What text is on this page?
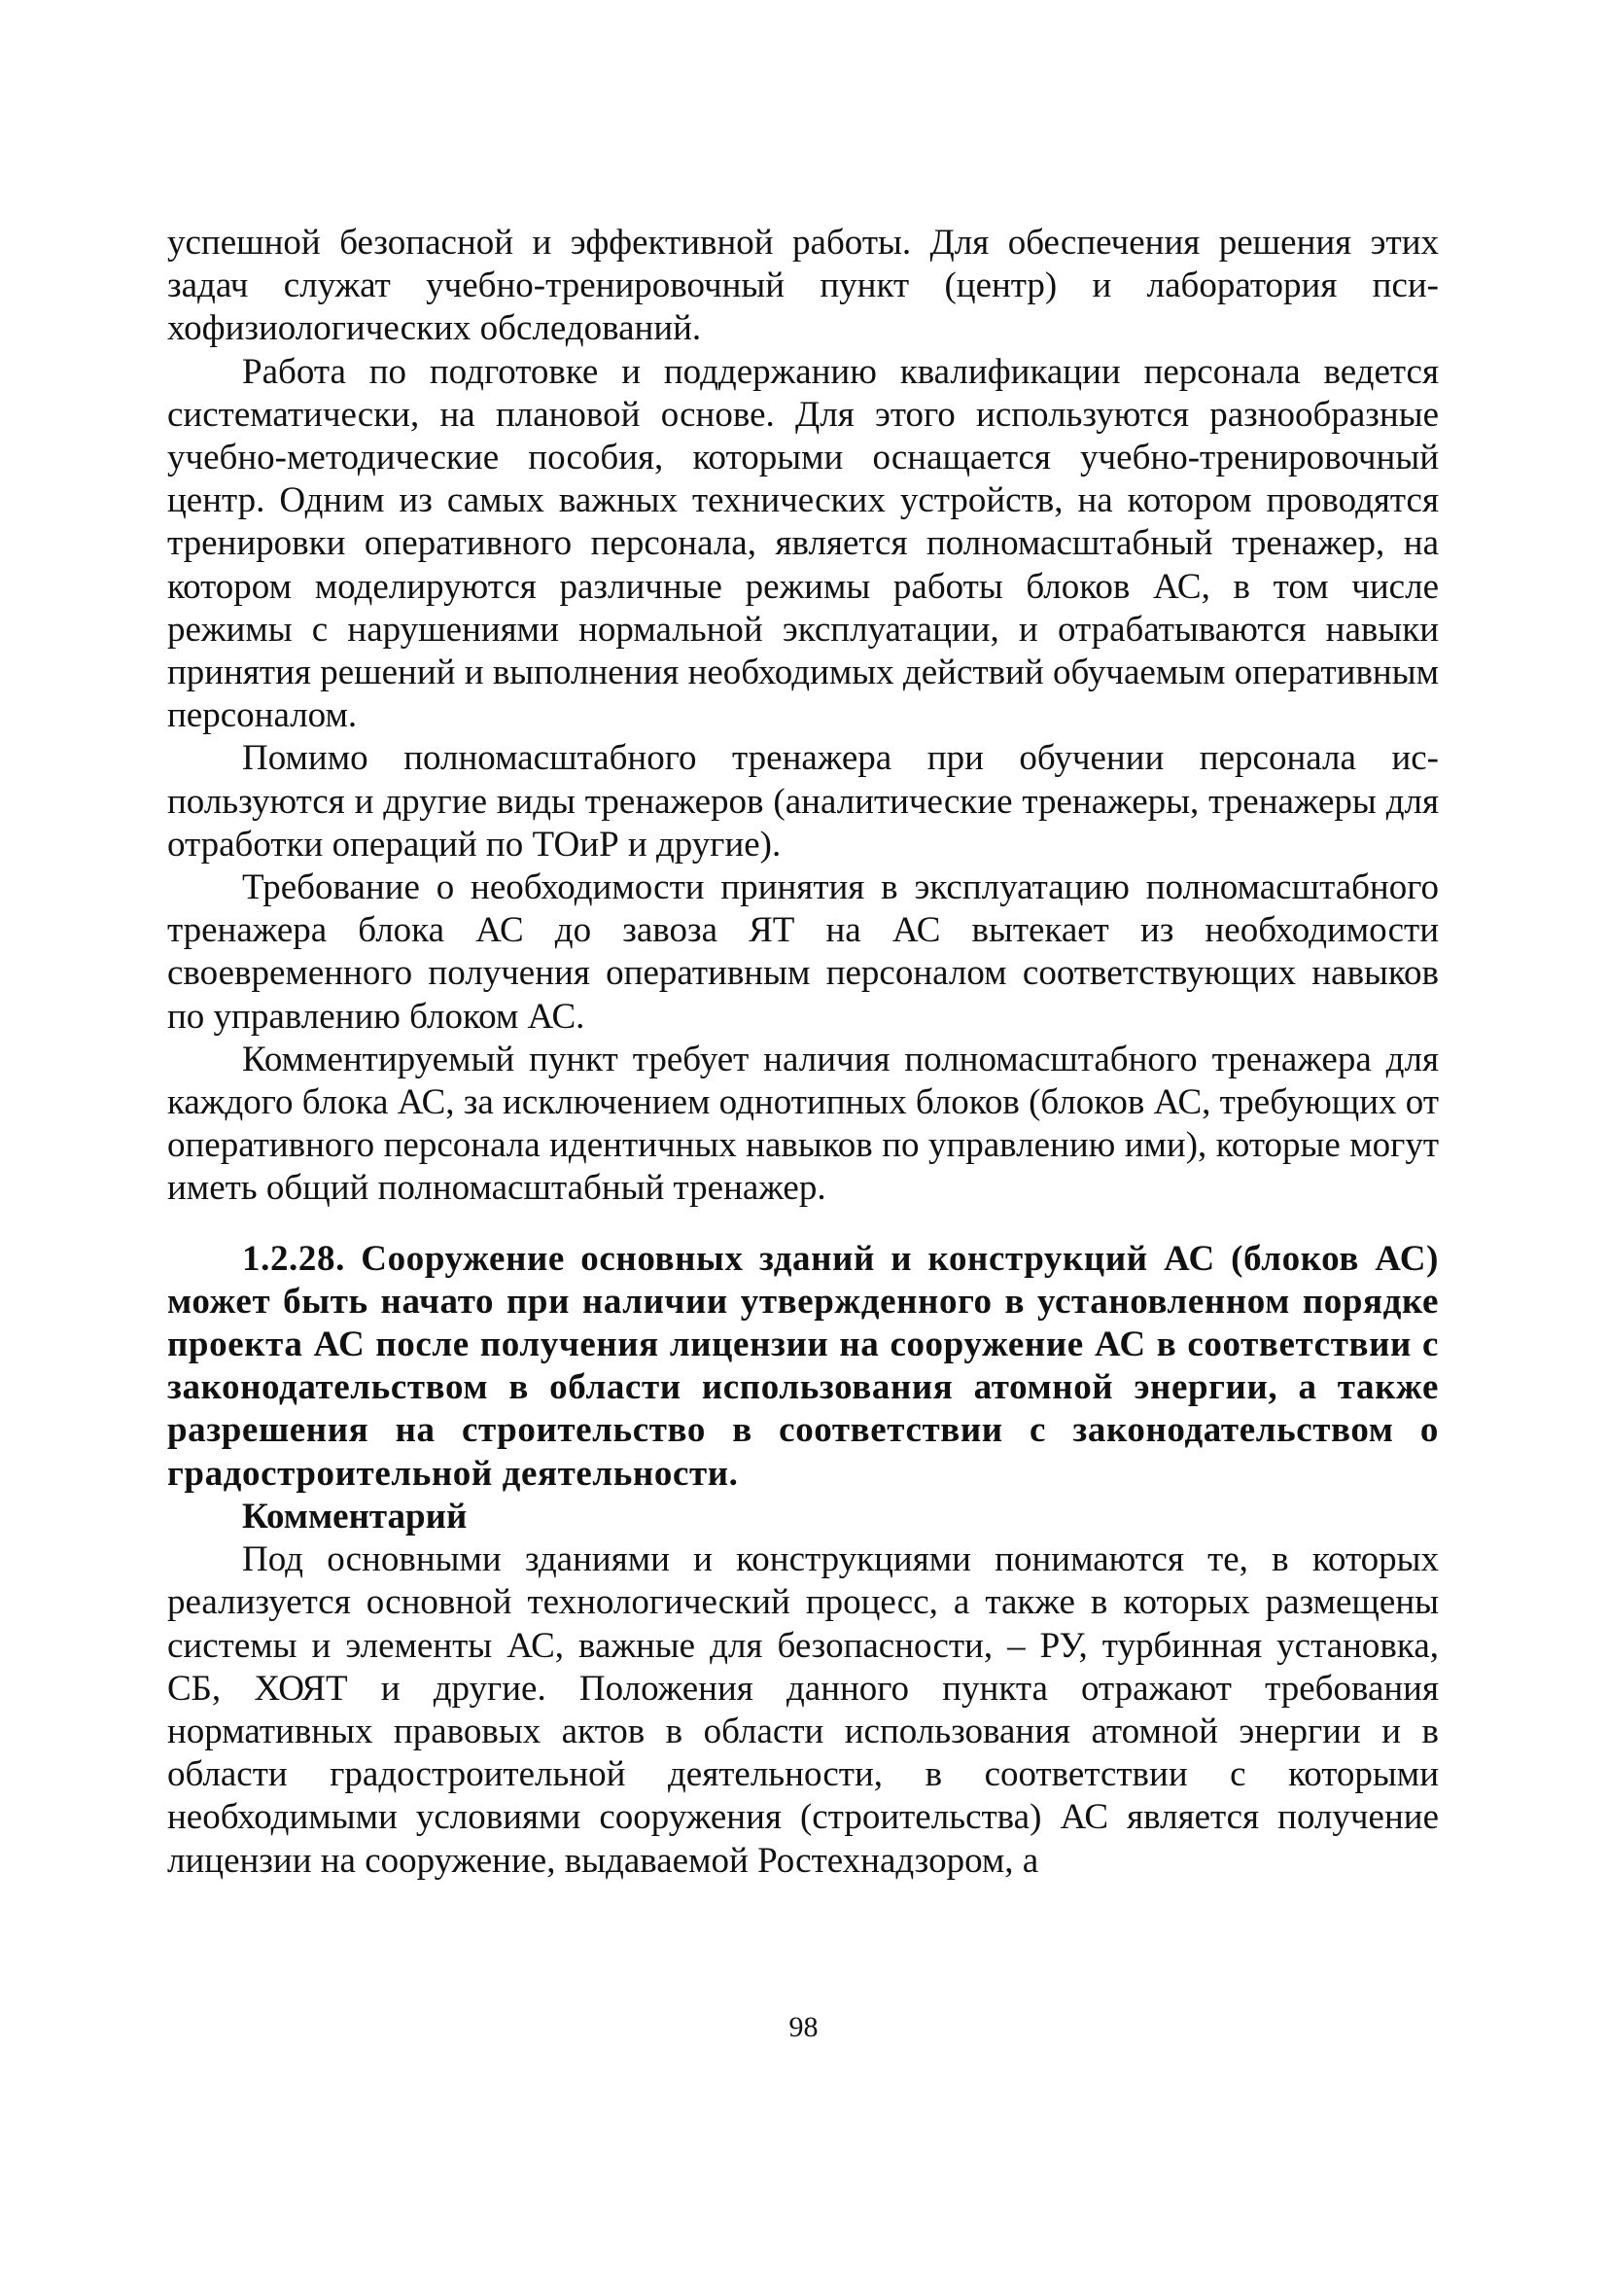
успешной безопасной и эффективной работы. Для обеспечения решения этих задач служат учебно-тренировочный пункт (центр) и лаборатория психофизиологических обследований.

Работа по подготовке и поддержанию квалификации персонала ведется систематически, на плановой основе. Для этого используются разнообразные учебно-методические пособия, которыми оснащается учебно-тренировочный центр. Одним из самых важных технических устройств, на котором проводятся тренировки оперативного персонала, является полномасштабный тренажер, на котором моделируются различные режимы работы блоков АС, в том числе режимы с нарушениями нормальной эксплуатации, и отрабатываются навыки принятия решений и выполнения необходимых действий обучаемым оперативным персоналом.

Помимо полномасштабного тренажера при обучении персонала используются и другие виды тренажеров (аналитические тренажеры, тренажеры для отработки операций по ТОиР и другие).

Требование о необходимости принятия в эксплуатацию полномасштабного тренажера блока АС до завоза ЯТ на АС вытекает из необходимости своевременного получения оперативным персоналом соответствующих навыков по управлению блоком АС.

Комментируемый пункт требует наличия полномасштабного тренажера для каждого блока АС, за исключением однотипных блоков (блоков АС, требующих от оперативного персонала идентичных навыков по управлению ими), которые могут иметь общий полномасштабный тренажер.

1.2.28. Сооружение основных зданий и конструкций АС (блоков АС) может быть начато при наличии утвержденного в установленном порядке проекта АС после получения лицензии на сооружение АС в соответствии с законодательством в области использования атомной энергии, а также разрешения на строительство в соответствии с законодательством о градостроительной деятельности.

Комментарий

Под основными зданиями и конструкциями понимаются те, в которых реализуется основной технологический процесс, а также в которых размещены системы и элементы АС, важные для безопасности, – РУ, турбинная установка, СБ, ХОЯТ и другие. Положения данного пункта отражают требования нормативных правовых актов в области использования атомной энергии и в области градостроительной деятельности, в соответствии с которыми необходимыми условиями сооружения (строительства) АС является получение лицензии на сооружение, выдаваемой Ростехнадзором, а

98
